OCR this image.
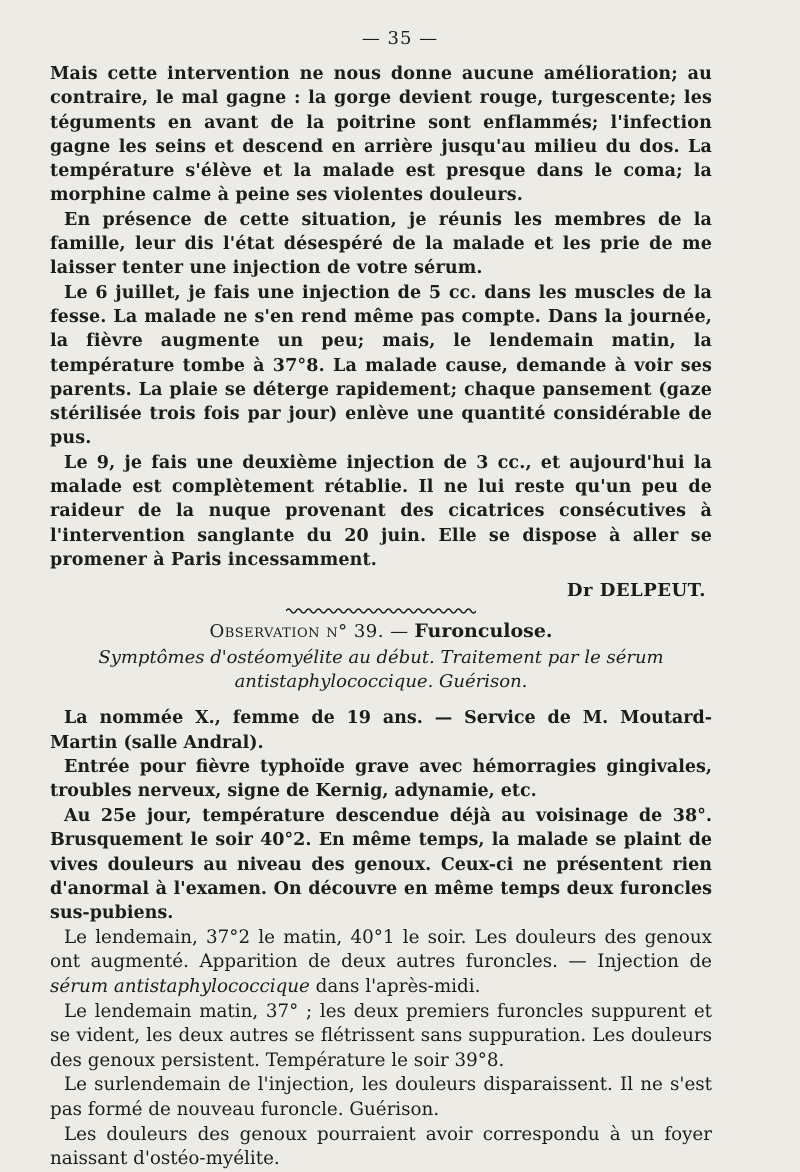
— 35 —

Mais cette intervention ne nous donne aucune amélioration; au contraire, le mal gagne : la gorge devient rouge, turgescente; les téguments en avant de la poitrine sont enflammés; l'infection gagne les seins et descend en arrière jusqu'au milieu du dos. La température s'élève et la malade est presque dans le coma; la morphine calme à peine ses violentes douleurs.

En présence de cette situation, je réunis les membres de la famille, leur dis l'état désespéré de la malade et les prie de me laisser tenter une injection de votre sérum.

Le 6 juillet, je fais une injection de 5 cc. dans les muscles de la fesse. La malade ne s'en rend même pas compte. Dans la journée, la fièvre augmente un peu; mais, le lendemain matin, la température tombe à 37°8. La malade cause, demande à voir ses parents. La plaie se déterge rapidement; chaque pansement (gaze stérilisée trois fois par jour) enlève une quantité considérable de pus.

Le 9, je fais une deuxième injection de 3 cc., et aujourd'hui la malade est complètement rétablie. Il ne lui reste qu'un peu de raideur de la nuque provenant des cicatrices consécutives à l'intervention sanglante du 20 juin. Elle se dispose à aller se promener à Paris incessamment.

Dr DELPEUT.
Observation n° 39. — Furonculose.
Symptômes d'ostéomyélite au début. Traitement par le sérum antistaphylococcique. Guérison.

La nommée X., femme de 19 ans. — Service de M. Moutard-Martin (salle Andral).

Entrée pour fièvre typhoïde grave avec hémorragies gingivales, troubles nerveux, signe de Kernig, adynamie, etc.

Au 25e jour, température descendue déjà au voisinage de 38°. Brusquement le soir 40°2. En même temps, la malade se plaint de vives douleurs au niveau des genoux. Ceux-ci ne présentent rien d'anormal à l'examen. On découvre en même temps deux furoncles sus-pubiens.

Le lendemain, 37°2 le matin, 40°1 le soir. Les douleurs des genoux ont augmenté. Apparition de deux autres furoncles. — Injection de sérum antistaphylococcique dans l'après-midi.

Le lendemain matin, 37° ; les deux premiers furoncles suppurent et se vident, les deux autres se flétrissent sans suppuration. Les douleurs des genoux persistent. Température le soir 39°8.

Le surlendemain de l'injection, les douleurs disparaissent. Il ne s'est pas formé de nouveau furoncle. Guérison.

Les douleurs des genoux pourraient avoir correspondu à un foyer naissant d'ostéo-myélite.
